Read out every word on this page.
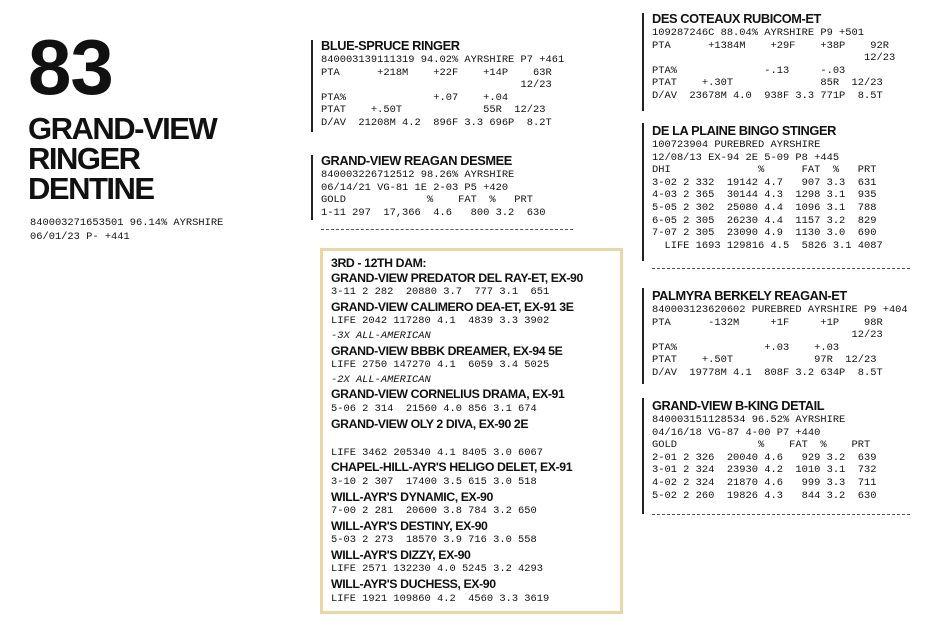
83
GRAND-VIEW
RINGER
DENTINE
840003271653501 96.14% AYRSHIRE
06/01/23 P- +441
BLUE-SPRUCE RINGER
840003139111319 94.02% AYRSHIRE P7 +461
PTA      +218M    +22F    +14P    63R
12/23
PTA%              +.07    +.04
PTAT    +.50T             55R  12/23
D/AV  21208M 4.2  896F 3.3 696P  8.2T
GRAND-VIEW REAGAN DESMEE
840003226712512 98.26% AYRSHIRE
06/14/21 VG-81 1E 2-03 P5 +420
GOLD             %    FAT  %   PRT
1-11 297  17,366  4.6   800 3.2  630
3RD - 12TH DAM:
GRAND-VIEW PREDATOR DEL RAY-ET, EX-90
3-11 2 282  20880 3.7  777 3.1  651
GRAND-VIEW CALIMERO DEA-ET, EX-91 3E
LIFE 2042 117280 4.1  4839 3.3 3902
-3X ALL-AMERICAN
GRAND-VIEW BBBK DREAMER, EX-94 5E
LIFE 2750 147270 4.1  6059 3.4 5025
-2X ALL-AMERICAN
GRAND-VIEW CORNELIUS DRAMA, EX-91
5-06 2 314  21560 4.0 856 3.1 674
GRAND-VIEW OLY 2 DIVA, EX-90 2E

LIFE 3462 205340 4.1 8405 3.0 6067
CHAPEL-HILL-AYR'S HELIGO DELET, EX-91
3-10 2 307  17400 3.5 615 3.0 518
WILL-AYR'S DYNAMIC, EX-90
7-00 2 281  20600 3.8 784 3.2 650
WILL-AYR'S DESTINY, EX-90
5-03 2 273  18570 3.9 716 3.0 558
WILL-AYR'S DIZZY, EX-90
LIFE 2571 132230 4.0 5245 3.2 4293
WILL-AYR'S DUCHESS, EX-90
LIFE 1921 109860 4.2  4560 3.3 3619
DES COTEAUX RUBICOM-ET
109287246C 88.04% AYRSHIRE P9 +501
PTA      +1384M    +29F    +38P    92R
12/23
PTA%              -.13     -.03
PTAT    +.30T              85R  12/23
D/AV  23678M 4.0  938F 3.3 771P  8.5T
DE LA PLAINE BINGO STINGER
100723904 PUREBRED AYRSHIRE
12/08/13 EX-94 2E 5-09 P8 +445
DHI              %      FAT  %   PRT
3-02 2 332  19142 4.7   907 3.3  631
4-03 2 365  30144 4.3  1298 3.1  935
5-05 2 302  25080 4.4  1096 3.1  788
6-05 2 305  26230 4.4  1157 3.2  829
7-07 2 305  23090 4.9  1130 3.0  690
LIFE 1693 129816 4.5  5826 3.1 4087
PALMYRA BERKELY REAGAN-ET
840003123620602 PUREBRED AYRSHIRE P9 +404
PTA      -132M     +1F     +1P    98R
12/23
PTA%              +.03    +.03
PTAT    +.50T             97R  12/23
D/AV  19778M 4.1  808F 3.2 634P  8.5T
GRAND-VIEW B-KING DETAIL
840003151128534 96.52% AYRSHIRE
04/16/18 VG-87 4-00 P7 +440
GOLD             %    FAT  %    PRT
2-01 2 326  20040 4.6   929 3.2  639
3-01 2 324  23930 4.2  1010 3.1  732
4-02 2 324  21870 4.6   999 3.3  711
5-02 2 260  19826 4.3   844 3.2  630
